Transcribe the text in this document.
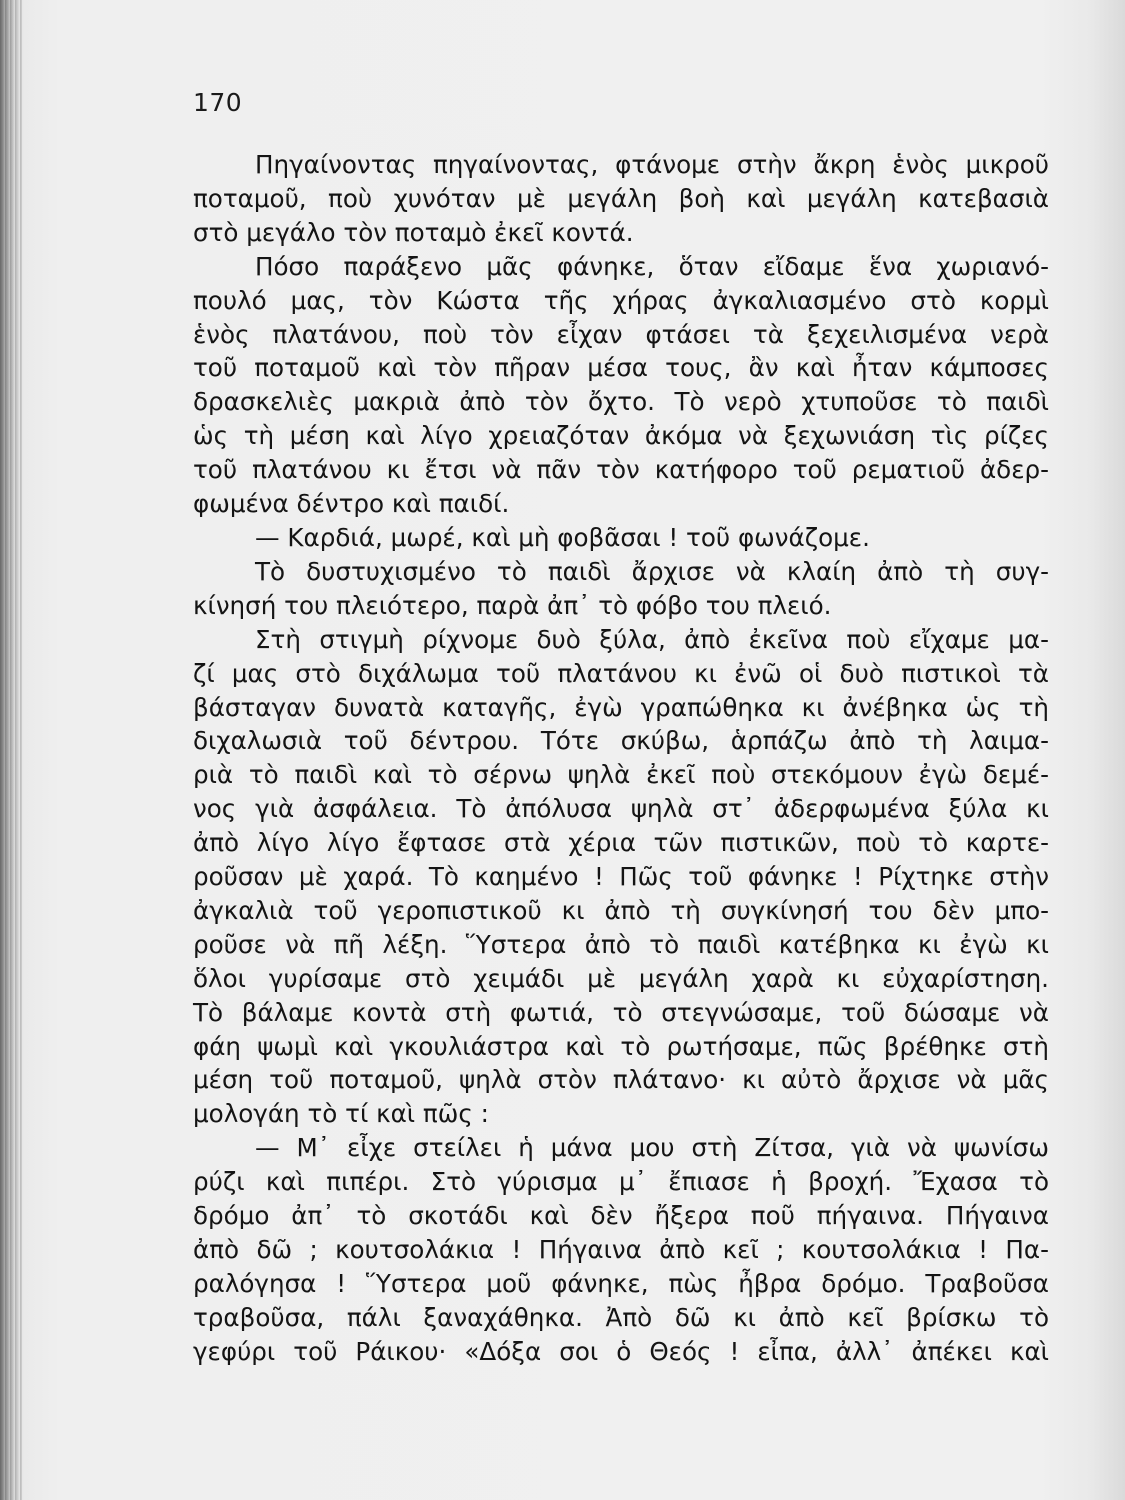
170
Πηγαίνοντας πηγαίνοντας, φτάνομε στὴν ἄκρη ἑνὸς μικροῦ
ποταμοῦ, ποὺ χυνόταν μὲ μεγάλη βοὴ καὶ μεγάλη κατεβασιὰ
στὸ μεγάλο τὸν ποταμὸ ἐκεῖ κοντά.
Πόσο παράξενο μᾶς φάνηκε, ὅταν εἴδαμε ἕνα χωριανό-
πουλό μας, τὸν Κώστα τῆς χήρας ἀγκαλιασμένο στὸ κορμὶ
ἑνὸς πλατάνου, ποὺ τὸν εἶχαν φτάσει τὰ ξεχειλισμένα νερὰ
τοῦ ποταμοῦ καὶ τὸν πῆραν μέσα τους, ἂν καὶ ἦταν κάμποσες
δρασκελιὲς μακριὰ ἀπὸ τὸν ὄχτο. Τὸ νερὸ χτυποῦσε τὸ παιδὶ
ὡς τὴ μέση καὶ λίγο χρειαζόταν ἀκόμα νὰ ξεχωνιάση τὶς ρίζες
τοῦ πλατάνου κι ἔτσι νὰ πᾶν τὸν κατήφορο τοῦ ρεματιοῦ ἀδερ-
φωμένα δέντρο καὶ παιδί.
— Καρδιά, μωρέ, καὶ μὴ φοβᾶσαι ! τοῦ φωνάζομε.
Τὸ δυστυχισμένο τὸ παιδὶ ἄρχισε νὰ κλαίη ἀπὸ τὴ συγ-
κίνησή του πλειότερο, παρὰ ἀπ᾿ τὸ φόβο του πλειό.
Στὴ στιγμὴ ρίχνομε δυὸ ξύλα, ἀπὸ ἐκεῖνα ποὺ εἴχαμε μα-
ζί μας στὸ διχάλωμα τοῦ πλατάνου κι ἐνῶ οἱ δυὸ πιστικοὶ τὰ
βάσταγαν δυνατὰ καταγῆς, ἐγὼ γραπώθηκα κι ἀνέβηκα ὡς τὴ
διχαλωσιὰ τοῦ δέντρου. Τότε σκύβω, ἁρπάζω ἀπὸ τὴ λαιμα-
ριὰ τὸ παιδὶ καὶ τὸ σέρνω ψηλὰ ἐκεῖ ποὺ στεκόμουν ἐγὼ δεμέ-
νος γιὰ ἀσφάλεια. Τὸ ἀπόλυσα ψηλὰ στ᾿ ἀδερφωμένα ξύλα κι
ἀπὸ λίγο λίγο ἔφτασε στὰ χέρια τῶν πιστικῶν, ποὺ τὸ καρτε-
ροῦσαν μὲ χαρά. Τὸ καημένο ! Πῶς τοῦ φάνηκε ! Ρίχτηκε στὴν
ἀγκαλιὰ τοῦ γεροπιστικοῦ κι ἀπὸ τὴ συγκίνησή του δὲν μπο-
ροῦσε νὰ πῆ λέξη. Ὕστερα ἀπὸ τὸ παιδὶ κατέβηκα κι ἐγὼ κι
ὅλοι γυρίσαμε στὸ χειμάδι μὲ μεγάλη χαρὰ κι εὐχαρίστηση.
Τὸ βάλαμε κοντὰ στὴ φωτιά, τὸ στεγνώσαμε, τοῦ δώσαμε νὰ
φάη ψωμὶ καὶ γκουλιάστρα καὶ τὸ ρωτήσαμε, πῶς βρέθηκε στὴ
μέση τοῦ ποταμοῦ, ψηλὰ στὸν πλάτανο· κι αὐτὸ ἄρχισε νὰ μᾶς
μολογάη τὸ τί καὶ πῶς :
— Μ᾿ εἶχε στείλει ἡ μάνα μου στὴ Ζίτσα, γιὰ νὰ ψωνίσω
ρύζι καὶ πιπέρι. Στὸ γύρισμα μ᾿ ἔπιασε ἡ βροχή. Ἔχασα τὸ
δρόμο ἀπ᾿ τὸ σκοτάδι καὶ δὲν ἤξερα ποῦ πήγαινα. Πήγαινα
ἀπὸ δῶ ; κουτσολάκια ! Πήγαινα ἀπὸ κεῖ ; κουτσολάκια ! Πα-
ραλόγησα ! Ὕστερα μοῦ φάνηκε, πὼς ἦβρα δρόμο. Τραβοῦσα
τραβοῦσα, πάλι ξαναχάθηκα. Ἀπὸ δῶ κι ἀπὸ κεῖ βρίσκω τὸ
γεφύρι τοῦ Ράικου· «Δόξα σοι ὁ Θεός ! εἶπα, ἀλλ᾿ ἀπέκει καὶ
